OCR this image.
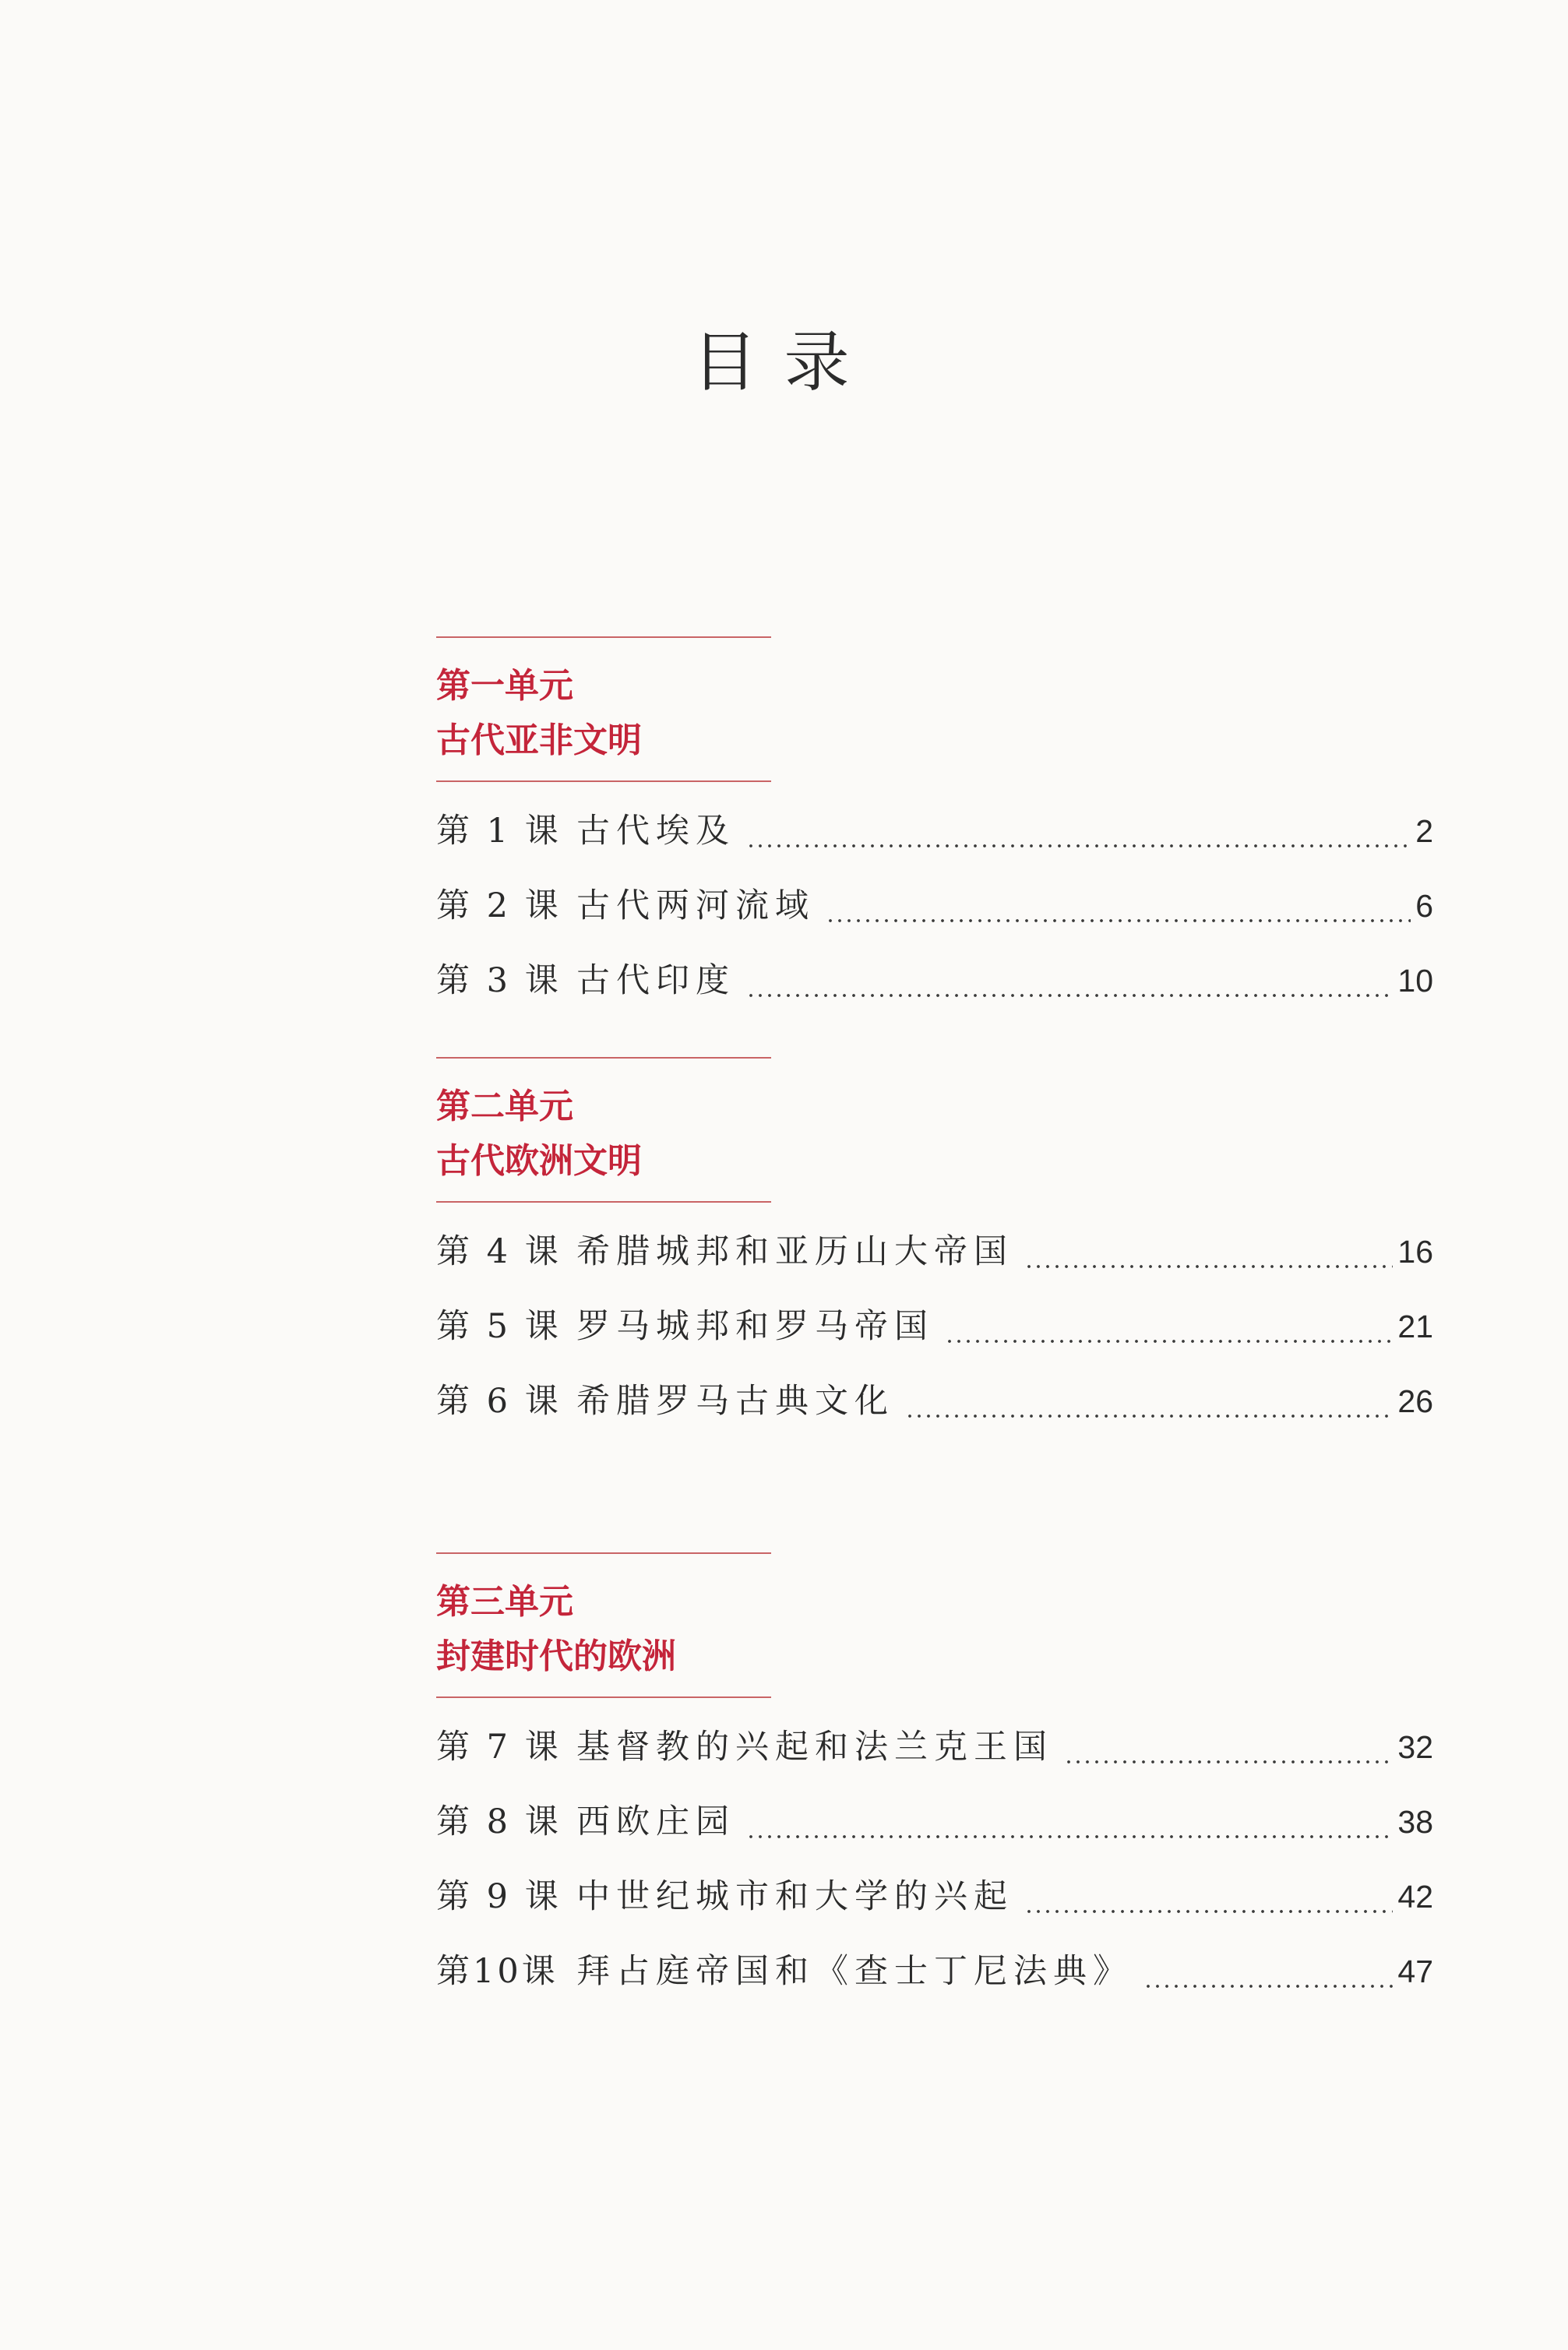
目录
第一单元
古代亚非文明
第 1 课 古代埃及	2
第 2 课 古代两河流域	6
第 3 课 古代印度	10
第二单元
古代欧洲文明
第 4 课 希腊城邦和亚历山大帝国	16
第 5 课 罗马城邦和罗马帝国	21
第 6 课 希腊罗马古典文化	26
第三单元
封建时代的欧洲
第 7 课 基督教的兴起和法兰克王国	32
第 8 课 西欧庄园	38
第 9 课 中世纪城市和大学的兴起	42
第10课 拜占庭帝国和《查士丁尼法典》	47
